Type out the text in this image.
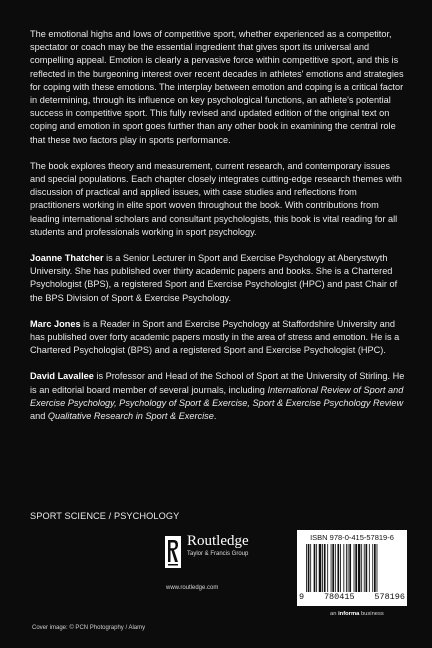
The emotional highs and lows of competitive sport, whether experienced as a competitor, spectator or coach may be the essential ingredient that gives sport its universal and compelling appeal. Emotion is clearly a pervasive force within competitive sport, and this is reflected in the burgeoning interest over recent decades in athletes' emotions and strategies for coping with these emotions. The interplay between emotion and coping is a critical factor in determining, through its influence on key psychological functions, an athlete's potential success in competitive sport. This fully revised and updated edition of the original text on coping and emotion in sport goes further than any other book in examining the central role that these two factors play in sports performance.

The book explores theory and measurement, current research, and contemporary issues and special populations. Each chapter closely integrates cutting-edge research themes with discussion of practical and applied issues, with case studies and reflections from practitioners working in elite sport woven throughout the book. With contributions from leading international scholars and consultant psychologists, this book is vital reading for all students and professionals working in sport psychology.

Joanne Thatcher is a Senior Lecturer in Sport and Exercise Psychology at Aberystwyth University. She has published over thirty academic papers and books. She is a Chartered Psychologist (BPS), a registered Sport and Exercise Psychologist (HPC) and past Chair of the BPS Division of Sport & Exercise Psychology.

Marc Jones is a Reader in Sport and Exercise Psychology at Staffordshire University and has published over forty academic papers mostly in the area of stress and emotion. He is a Chartered Psychologist (BPS) and a registered Sport and Exercise Psychologist (HPC).

David Lavallee is Professor and Head of the School of Sport at the University of Stirling. He is an editorial board member of several journals, including International Review of Sport and Exercise Psychology, Psychology of Sport & Exercise, Sport & Exercise Psychology Review and Qualitative Research in Sport & Exercise.

SPORT SCIENCE / PSYCHOLOGY
Routledge
Taylor & Francis Group
www.routledge.com
ISBN 978-0-415-57819-6
9 780415 578196
an informa business
Cover image: © PCN Photography / Alamy
